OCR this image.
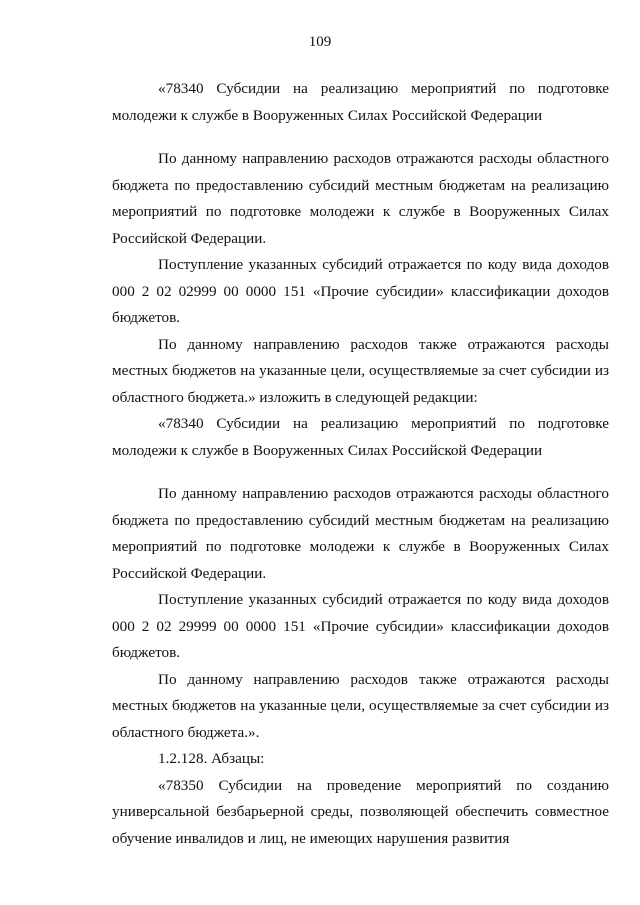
109

«78340 Субсидии на реализацию мероприятий по подготовке молодежи к службе в Вооруженных Силах Российской Федерации

По данному направлению расходов отражаются расходы областного бюджета по предоставлению субсидий местным бюджетам на реализацию мероприятий по подготовке молодежи к службе в Вооруженных Силах Российской Федерации.

Поступление указанных субсидий отражается по коду вида доходов 000 2 02 02999 00 0000 151 «Прочие субсидии» классификации доходов бюджетов.

По данному направлению расходов также отражаются расходы местных бюджетов на указанные цели, осуществляемые за счет субсидии из областного бюджета.» изложить в следующей редакции:

«78340 Субсидии на реализацию мероприятий по подготовке молодежи к службе в Вооруженных Силах Российской Федерации

По данному направлению расходов отражаются расходы областного бюджета по предоставлению субсидий местным бюджетам на реализацию мероприятий по подготовке молодежи к службе в Вооруженных Силах Российской Федерации.

Поступление указанных субсидий отражается по коду вида доходов 000 2 02 29999 00 0000 151 «Прочие субсидии» классификации доходов бюджетов.

По данному направлению расходов также отражаются расходы местных бюджетов на указанные цели, осуществляемые за счет субсидии из областного бюджета.».

1.2.128. Абзацы:

«78350 Субсидии на проведение мероприятий по созданию универсальной безбарьерной среды, позволяющей обеспечить совместное обучение инвалидов и лиц, не имеющих нарушения развития
